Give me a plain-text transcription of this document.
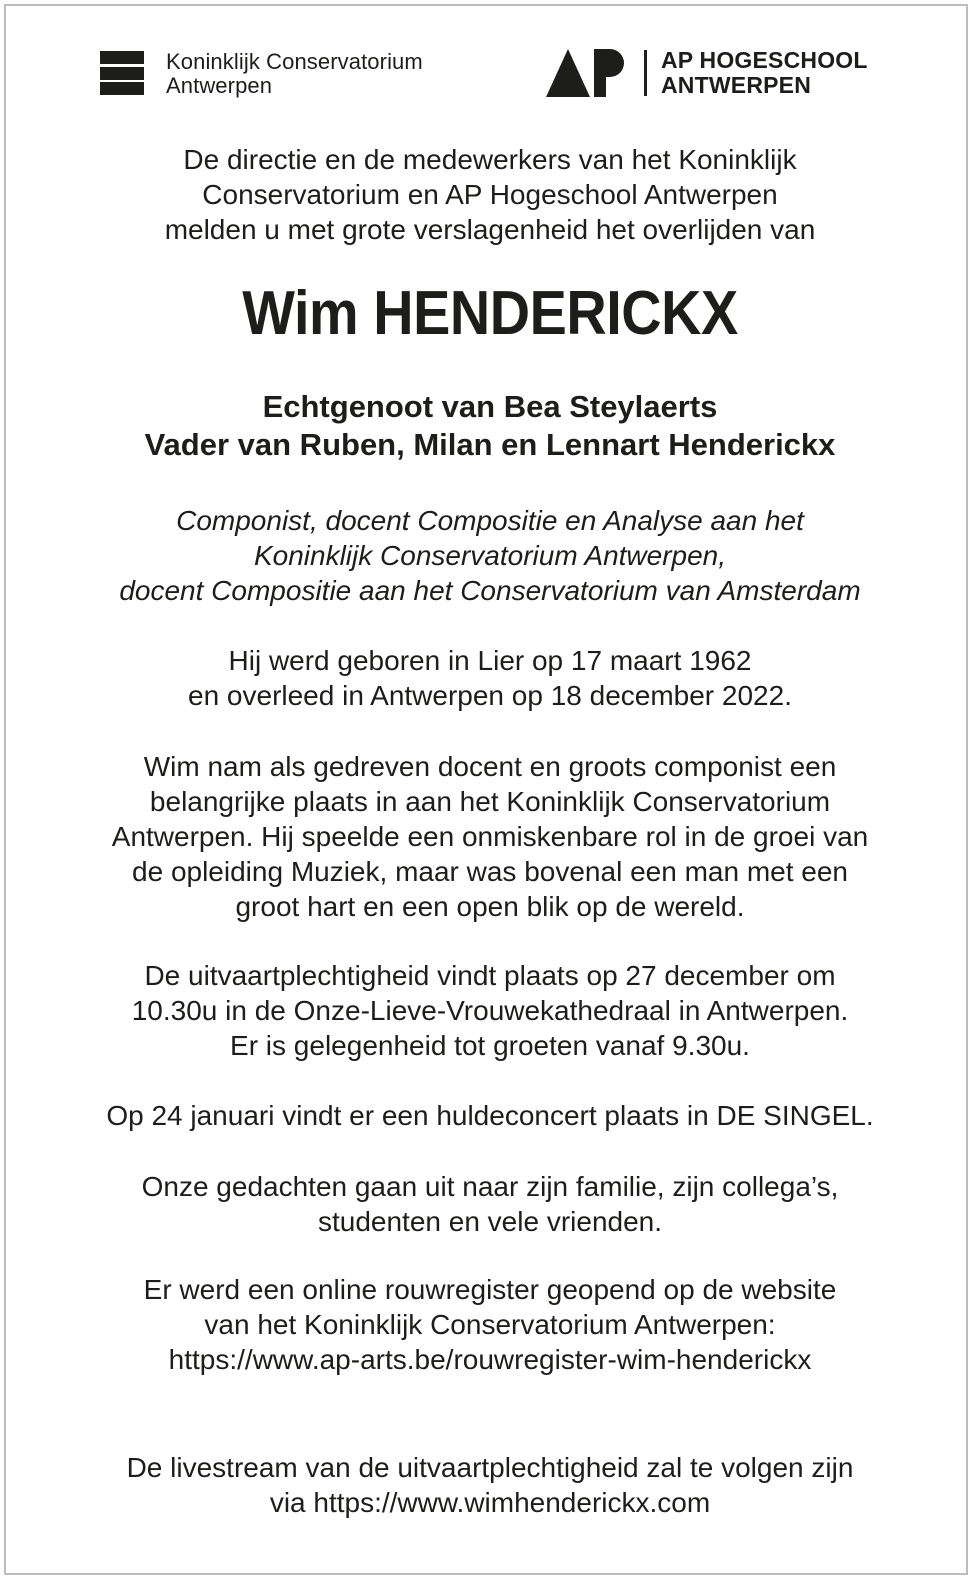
Koninklijk Conservatorium
Antwerpen
AP HOGESCHOOL
ANTWERPEN
De directie en de medewerkers van het Koninklijk
Conservatorium en AP Hogeschool Antwerpen
melden u met grote verslagenheid het overlijden van
Wim HENDERICKX
Echtgenoot van Bea Steylaerts
Vader van Ruben, Milan en Lennart Henderickx
Componist, docent Compositie en Analyse aan het
Koninklijk Conservatorium Antwerpen,
docent Compositie aan het Conservatorium van Amsterdam
Hij werd geboren in Lier op 17 maart 1962
en overleed in Antwerpen op 18 december 2022.
Wim nam als gedreven docent en groots componist een
belangrijke plaats in aan het Koninklijk Conservatorium
Antwerpen. Hij speelde een onmiskenbare rol in de groei van
de opleiding Muziek, maar was bovenal een man met een
groot hart en een open blik op de wereld.
De uitvaartplechtigheid vindt plaats op 27 december om
10.30u in de Onze-Lieve-Vrouwekathedraal in Antwerpen.
Er is gelegenheid tot groeten vanaf 9.30u.
Op 24 januari vindt er een huldeconcert plaats in DE SINGEL.
Onze gedachten gaan uit naar zijn familie, zijn collega’s,
studenten en vele vrienden.
Er werd een online rouwregister geopend op de website
van het Koninklijk Conservatorium Antwerpen:
https://www.ap-arts.be/rouwregister-wim-henderickx
De livestream van de uitvaartplechtigheid zal te volgen zijn
via https://www.wimhenderickx.com
